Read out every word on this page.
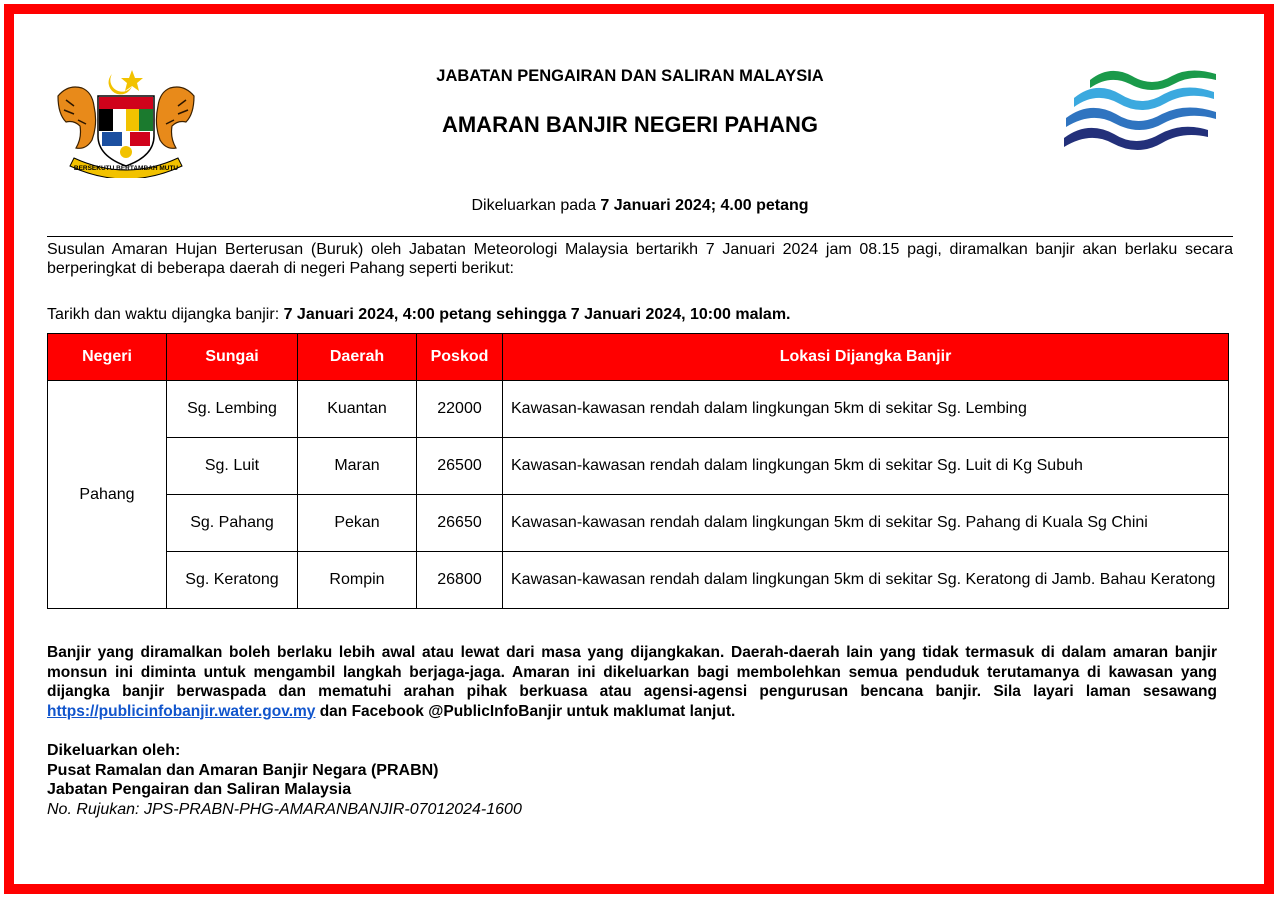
BERSEKUTU BERTAMBAH MUTU
JABATAN PENGAIRAN DAN SALIRAN MALAYSIA
AMARAN BANJIR NEGERI PAHANG
Dikeluarkan pada 7 Januari 2024; 4.00 petang
Susulan Amaran Hujan Berterusan (Buruk) oleh Jabatan Meteorologi Malaysia bertarikh 7 Januari 2024 jam 08.15 pagi, diramalkan banjir akan berlaku secara berperingkat di beberapa daerah di negeri Pahang seperti berikut:
Tarikh dan waktu dijangka banjir: 7 Januari 2024, 4:00 petang sehingga 7 Januari 2024, 10:00 malam.
Negeri	Sungai	Daerah	Poskod	Lokasi Dijangka Banjir
Pahang	Sg. Lembing	Kuantan	22000	Kawasan-kawasan rendah dalam lingkungan 5km di sekitar Sg. Lembing
	Sg. Luit	Maran	26500	Kawasan-kawasan rendah dalam lingkungan 5km di sekitar Sg. Luit di Kg Subuh
	Sg. Pahang	Pekan	26650	Kawasan-kawasan rendah dalam lingkungan 5km di sekitar Sg. Pahang di Kuala Sg Chini
	Sg. Keratong	Rompin	26800	Kawasan-kawasan rendah dalam lingkungan 5km di sekitar Sg. Keratong di Jamb. Bahau Keratong
Banjir yang diramalkan boleh berlaku lebih awal atau lewat dari masa yang dijangkakan. Daerah-daerah lain yang tidak termasuk di dalam amaran banjir monsun ini diminta untuk mengambil langkah berjaga-jaga. Amaran ini dikeluarkan bagi membolehkan semua penduduk terutamanya di kawasan yang dijangka banjir berwaspada dan mematuhi arahan pihak berkuasa atau agensi-agensi pengurusan bencana banjir. Sila layari laman sesawang https://publicinfobanjir.water.gov.my dan Facebook @PublicInfoBanjir untuk maklumat lanjut.
Dikeluarkan oleh:
Pusat Ramalan dan Amaran Banjir Negara (PRABN)
Jabatan Pengairan dan Saliran Malaysia
No. Rujukan: JPS-PRABN-PHG-AMARANBANJIR-07012024-1600
